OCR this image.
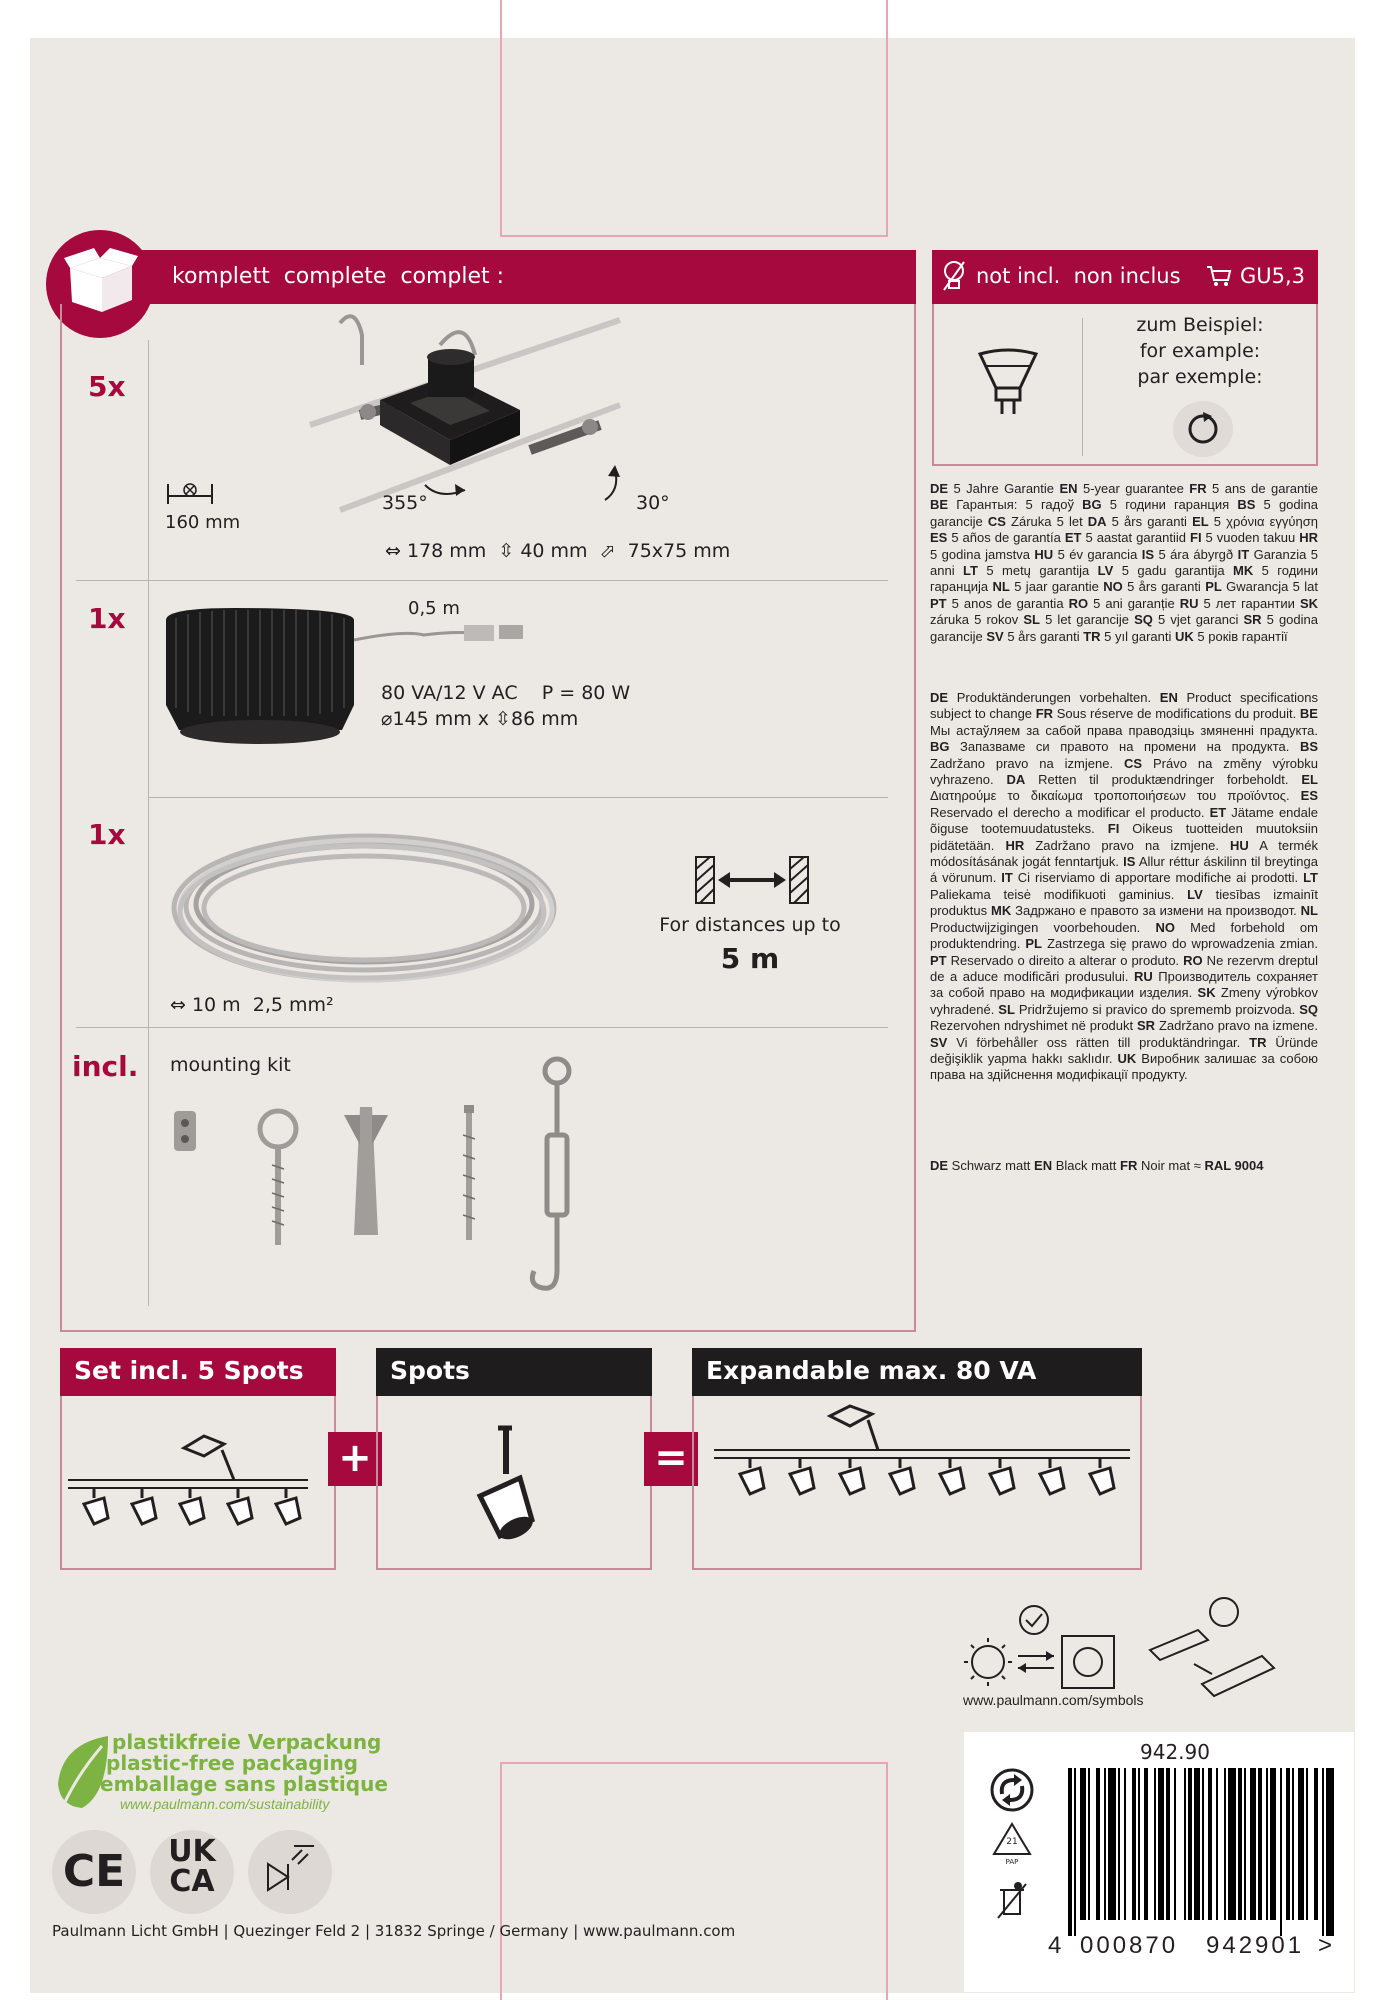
komplett  complete  complet :
5x
355°	30°
160 mm
⇔ 178 mm  ⇳ 40 mm  ⬀  75x75 mm
1x	0,5 m
80 VA/12 V AC    P = 80 W
⌀145 mm x ⇳86 mm
1x
For distances up to
5 m
⇔ 10 m  2,5 mm²
incl. mounting kit
not incl.  non inclus	GU5,3
zum Beispiel:
for example:
par exemple:
DE 5 Jahre Garantie EN 5-year guarantee FR 5 ans de garantie BE Гарантыя: 5 гадоў BG 5 години гаранция BS 5 godina garancije CS Záruka 5 let DA 5 års garanti EL 5 χρόνια εγγύηση ES 5 años de garantía ET 5 aastat garantiid FI 5 vuoden takuu HR 5 godina jamstva HU 5 év garancia IS 5 ára ábyrgð IT Garanzia 5 anni LT 5 metų garantija LV 5 gadu garantija MK 5 години гаранција NL 5 jaar garantie NO 5 års garanti PL Gwarancja 5 lat PT 5 anos de garantia RO 5 ani garanție RU 5 лет гарантии SK záruka 5 rokov SL 5 let garancije SQ 5 vjet garanci SR 5 godina garancije SV 5 års garanti TR 5 yıl garanti UK 5 років гарантії
DE Produktänderungen vorbehalten. EN Product specifications subject to change FR Sous réserve de modifications du produit. BE Мы астаўляем за сабой права праводзіць змяненні прадукта. BG Запазваме си правото на промени на продукта. BS Zadržano pravo na izmjene. CS Právo na změny výrobku vyhrazeno. DA Retten til produktændringer forbeholdt. EL Διατηρούμε το δικαίωμα τροποποιήσεων του προϊόντος. ES Reservado el derecho a modificar el producto. ET Jätame endale õiguse tootemuudatusteks. FI Oikeus tuotteiden muutoksiin pidätetään. HR Zadržano pravo na izmjene. HU A termék módosításának jogát fenntartjuk. IS Allur réttur áskilinn til breytinga á vörunum. IT Ci riserviamo di apportare modifiche ai prodotti. LT Paliekama teisė modifikuoti gaminius. LV tiesības izmainīt produktus MK Задржано е правото за измени на производот. NL Productwijzigingen voorbehouden. NO Med forbehold om produktendring. PL Zastrzega się prawo do wprowadzenia zmian. PT Reservado o direito a alterar o produto. RO Ne rezervm dreptul de a aduce modificări produsului. RU Производитель сохраняет за собой право на модификации изделия. SK Zmeny výrobkov vyhradené. SL Pridržujemo si pravico do sprememb proizvoda. SQ Rezervohen ndryshimet në produkt SR Zadržano pravo na izmene. SV Vi förbehåller oss rätten till produktändringar. TR Üründe değişiklik yapma hakkı saklıdır. UK Виробник залишає за собою права на здійснення модифікації продукту.
DE Schwarz matt EN Black matt FR Noir mat ≈ RAL 9004
Set incl. 5 Spots
+
Spots
=
Expandable max. 80 VA
www.paulmann.com/symbols
plastikfreie Verpackung
plastic-free packaging
emballage sans plastique
www.paulmann.com/sustainability
CE	UK
CA
Paulmann Licht GmbH | Quezinger Feld 2 | 31832 Springe / Germany | www.paulmann.com
942.90
21
PAP
4 000870 942901 >
